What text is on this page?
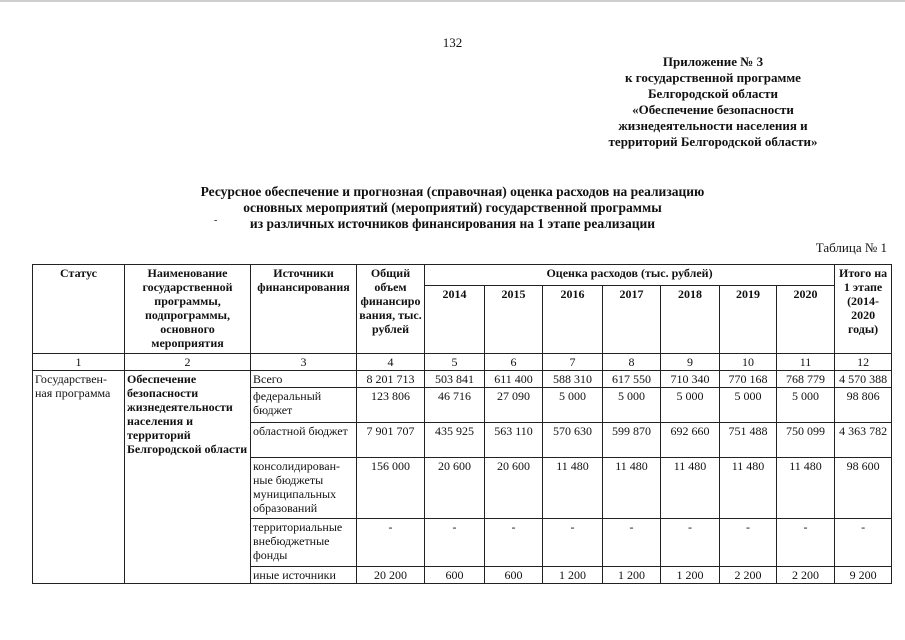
132
Приложение № 3
к государственной программе
Белгородской области
«Обеспечение безопасности
жизнедеятельности населения и
территорий Белгородской области»
Ресурсное обеспечение и прогнозная (справочная) оценка расходов на реализацию
основных мероприятий (мероприятий) государственной программы
из различных источников финансирования на 1 этапе реализации
-
Таблица № 1
Статус	Наименование государственной программы, подпрограммы, основного мероприятия	Источники финансирования	Общий объем финансиро вания, тыс. рублей	Оценка расходов (тыс. рублей)							Итого на 1 этапе (2014-2020 годы)
				2014	2015	2016	2017	2018	2019	2020	
1	2	3	4	5	6	7	8	9	10	11	12
Государствен-ная программа	Обеспечение безопасности жизнедеятельности населения и территорий Белгородской области	Всего	8 201 713	503 841	611 400	588 310	617 550	710 340	770 168	768 779	4 570 388
		федеральный бюджет	123 806	46 716	27 090	5 000	5 000	5 000	5 000	5 000	98 806
		областной бюджет	7 901 707	435 925	563 110	570 630	599 870	692 660	751 488	750 099	4 363 782
		консолидирован-ные бюджеты муниципальных образований	156 000	20 600	20 600	11 480	11 480	11 480	11 480	11 480	98 600
		территориальные внебюджетные фонды	-	-	-	-	-	-	-	-	-
		иные источники	20 200	600	600	1 200	1 200	1 200	2 200	2 200	9 200
